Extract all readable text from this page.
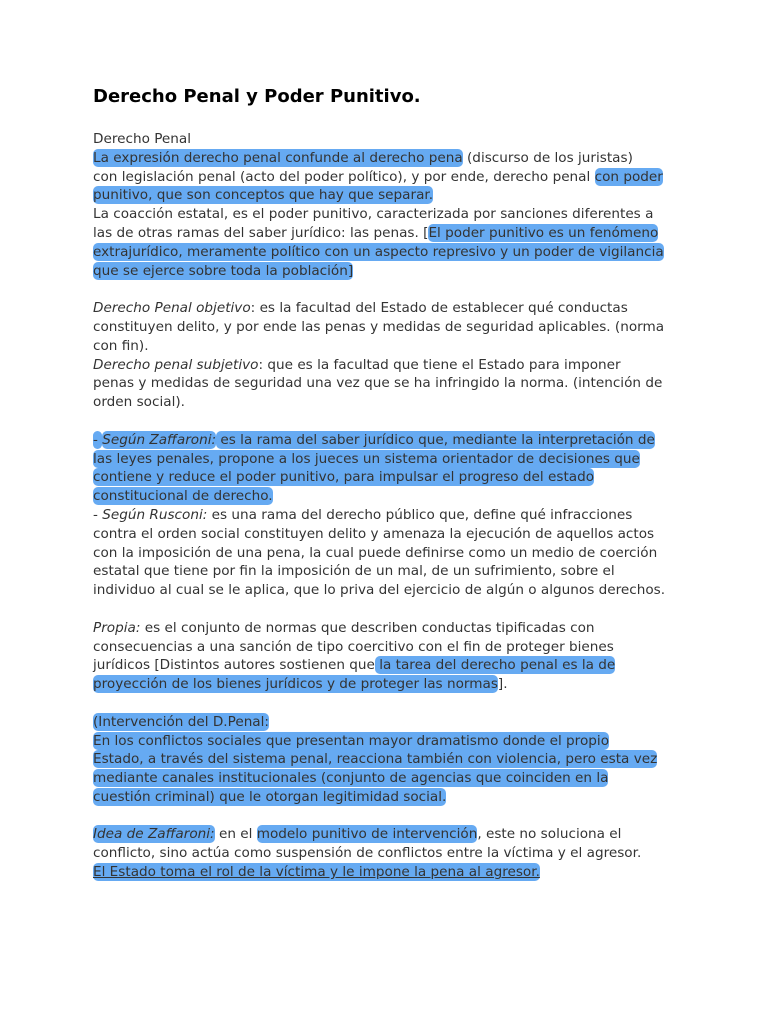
Derecho Penal y Poder Punitivo.
Derecho Penal
La expresión derecho penal confunde al derecho pena (discurso de los juristas)
con legislación penal (acto del poder político), y por ende, derecho penal con poder
punitivo, que son conceptos que hay que separar.
La coacción estatal, es el poder punitivo, caracterizada por sanciones diferentes a
las de otras ramas del saber jurídico: las penas. [El poder punitivo es un fenómeno
extrajurídico, meramente político con un aspecto represivo y un poder de vigilancia
que se ejerce sobre toda la población]
Derecho Penal objetivo: es la facultad del Estado de establecer qué conductas
constituyen delito, y por ende las penas y medidas de seguridad aplicables. (norma
con fin).
Derecho penal subjetivo: que es la facultad que tiene el Estado para imponer
penas y medidas de seguridad una vez que se ha infringido la norma. (intención de
orden social).
- Según Zaffaroni: es la rama del saber jurídico que, mediante la interpretación de
las leyes penales, propone a los jueces un sistema orientador de decisiones que
contiene y reduce el poder punitivo, para impulsar el progreso del estado
constitucional de derecho.
- Según Rusconi: es una rama del derecho público que, define qué infracciones
contra el orden social constituyen delito y amenaza la ejecución de aquellos actos
con la imposición de una pena, la cual puede definirse como un medio de coerción
estatal que tiene por fin la imposición de un mal, de un sufrimiento, sobre el
individuo al cual se le aplica, que lo priva del ejercicio de algún o algunos derechos.
Propia: es el conjunto de normas que describen conductas tipificadas con
consecuencias a una sanción de tipo coercitivo con el fin de proteger bienes
jurídicos [Distintos autores sostienen que la tarea del derecho penal es la de
proyección de los bienes jurídicos y de proteger las normas].
(Intervención del D.Penal:
En los conflictos sociales que presentan mayor dramatismo donde el propio
Estado, a través del sistema penal, reacciona también con violencia, pero esta vez
mediante canales institucionales (conjunto de agencias que coinciden en la
cuestión criminal) que le otorgan legitimidad social.
Idea de Zaffaroni: en el modelo punitivo de intervención, este no soluciona el
conflicto, sino actúa como suspensión de conflictos entre la víctima y el agresor.
El Estado toma el rol de la víctima y le impone la pena al agresor.
